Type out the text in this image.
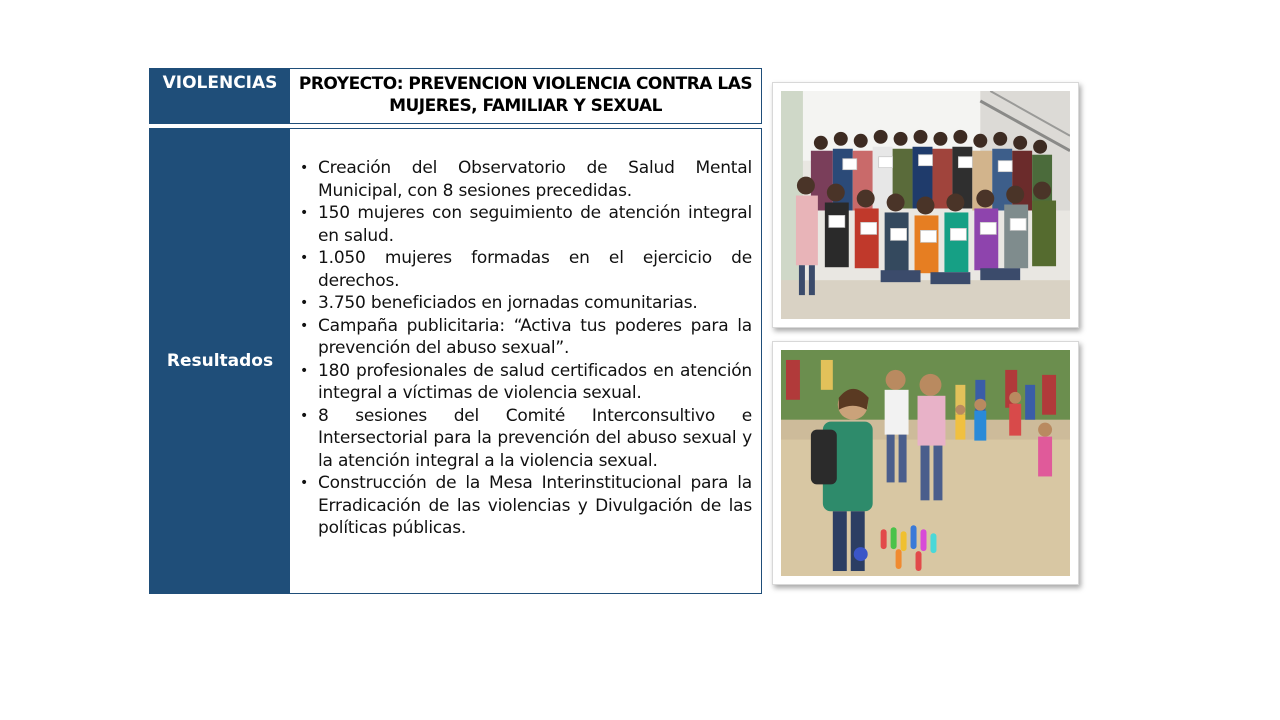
VIOLENCIAS	PROYECTO: PREVENCION VIOLENCIA CONTRA LAS MUJERES, FAMILIAR Y SEXUAL
Resultados
• Creación del Observatorio de Salud Mental Municipal, con 8 sesiones precedidas.
• 150 mujeres con seguimiento de atención integral en salud.
• 1.050 mujeres formadas en el ejercicio de derechos.
• 3.750 beneficiados en jornadas comunitarias.
• Campaña publicitaria: “Activa tus poderes para la prevención del abuso sexual”.
• 180 profesionales de salud certificados en atención integral a víctimas de violencia sexual.
• 8 sesiones del Comité Interconsultivo e Intersectorial para la prevención del abuso sexual y la atención integral a la violencia sexual.
• Construcción de la Mesa Interinstitucional para la Erradicación de las violencias y Divulgación de las políticas públicas.
